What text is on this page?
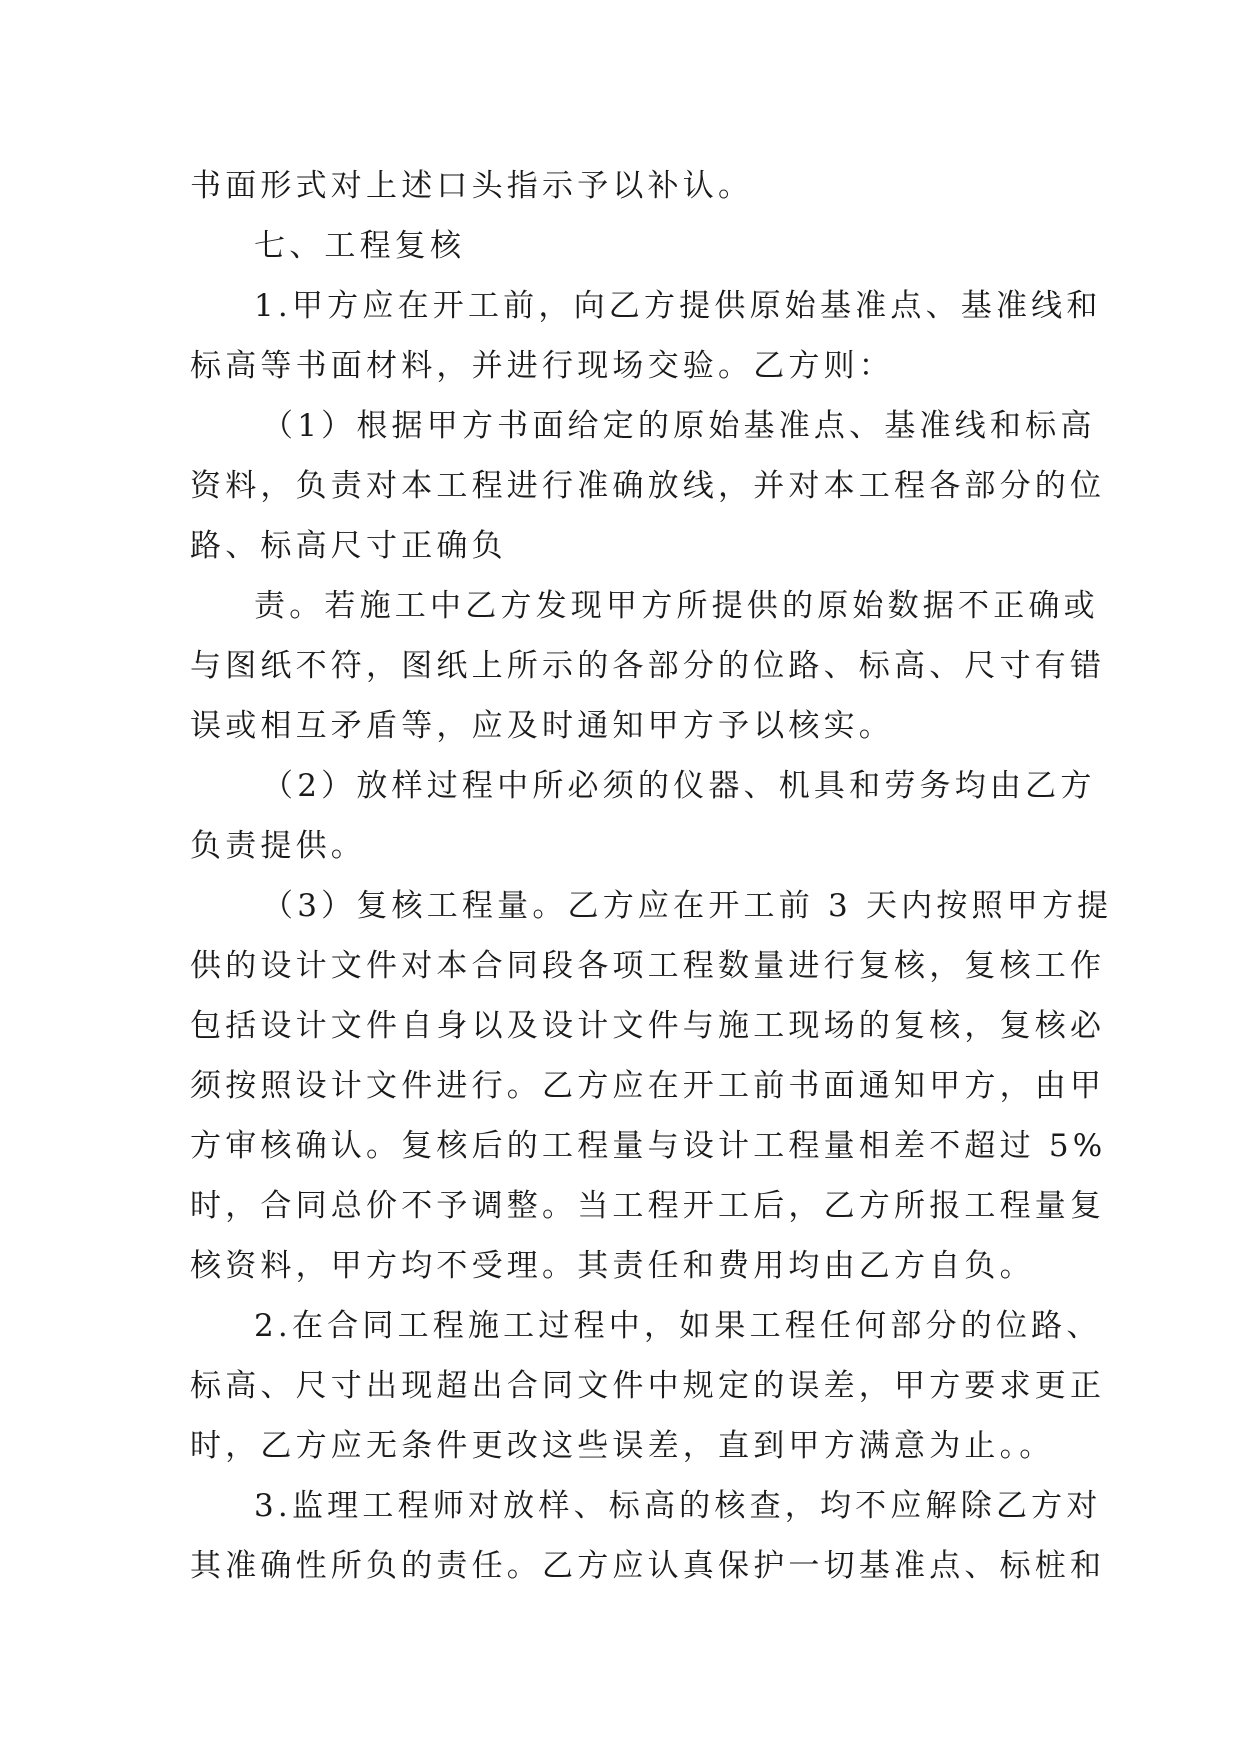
书面形式对上述口头指示予以补认。
七、工程复核
1.甲方应在开工前，向乙方提供原始基准点、基准线和
标高等书面材料，并进行现场交验。乙方则：
（1）根据甲方书面给定的原始基准点、基准线和标高
资料，负责对本工程进行准确放线，并对本工程各部分的位
路、标高尺寸正确负
责。若施工中乙方发现甲方所提供的原始数据不正确或
与图纸不符，图纸上所示的各部分的位路、标高、尺寸有错
误或相互矛盾等，应及时通知甲方予以核实。
（2）放样过程中所必须的仪器、机具和劳务均由乙方
负责提供。
（3）复核工程量。乙方应在开工前 3 天内按照甲方提
供的设计文件对本合同段各项工程数量进行复核，复核工作
包括设计文件自身以及设计文件与施工现场的复核，复核必
须按照设计文件进行。乙方应在开工前书面通知甲方，由甲
方审核确认。复核后的工程量与设计工程量相差不超过 5%
时，合同总价不予调整。当工程开工后，乙方所报工程量复
核资料，甲方均不受理。其责任和费用均由乙方自负。
2.在合同工程施工过程中，如果工程任何部分的位路、
标高、尺寸出现超出合同文件中规定的误差，甲方要求更正
时，乙方应无条件更改这些误差，直到甲方满意为止。。
3.监理工程师对放样、标高的核查，均不应解除乙方对
其准确性所负的责任。乙方应认真保护一切基准点、标桩和
